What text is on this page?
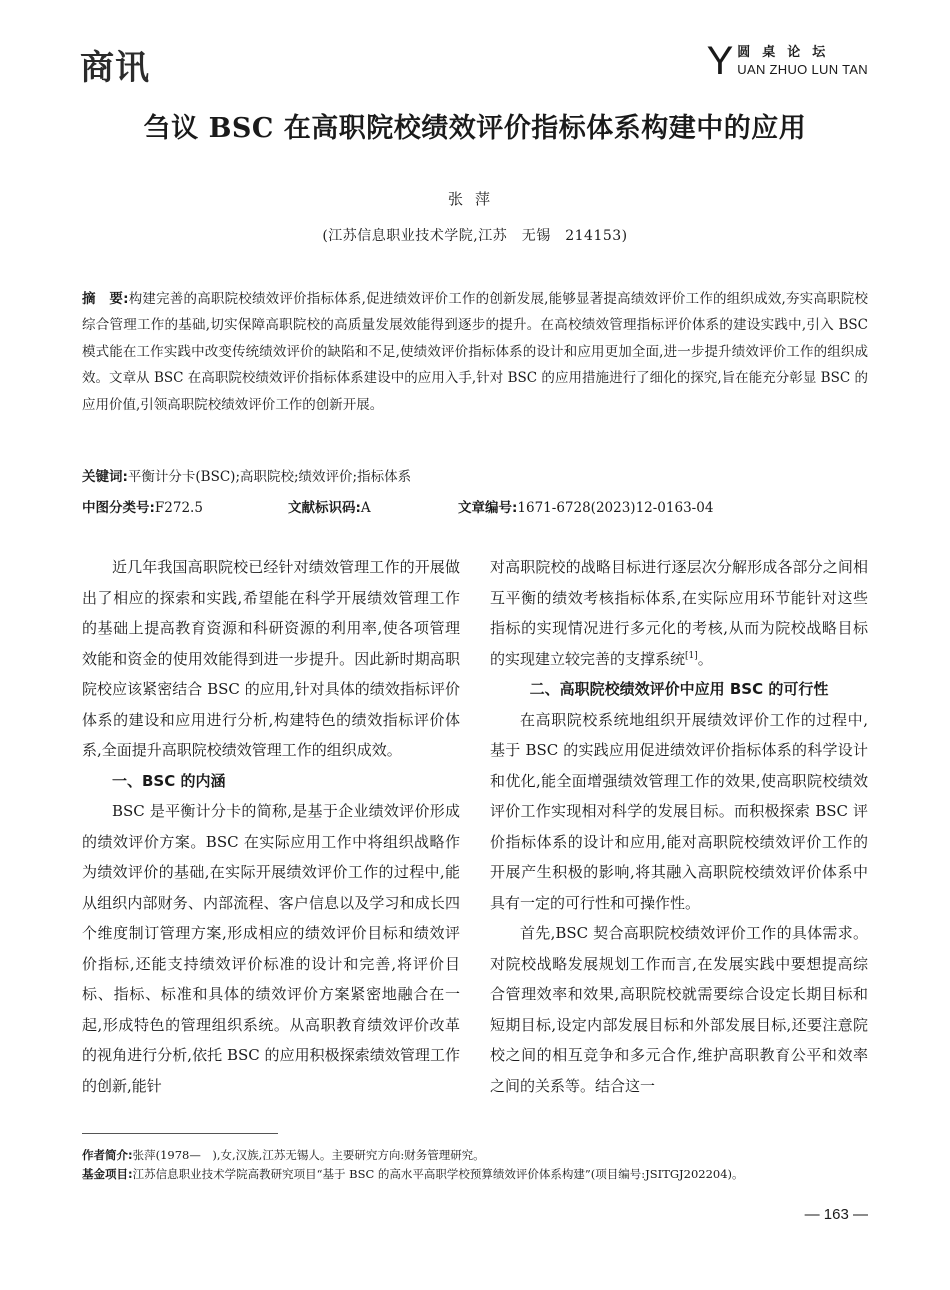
商讯	Y 圆桌论坛
UAN ZHUO LUN TAN
刍议 BSC 在高职院校绩效评价指标体系构建中的应用
张萍
(江苏信息职业技术学院,江苏　无锡　214153)
摘　要:构建完善的高职院校绩效评价指标体系,促进绩效评价工作的创新发展,能够显著提高绩效评价工作的组织成效,夯实高职院校综合管理工作的基础,切实保障高职院校的高质量发展效能得到逐步的提升。在高校绩效管理指标评价体系的建设实践中,引入 BSC 模式能在工作实践中改变传统绩效评价的缺陷和不足,使绩效评价指标体系的设计和应用更加全面,进一步提升绩效评价工作的组织成效。文章从 BSC 在高职院校绩效评价指标体系建设中的应用入手,针对 BSC 的应用措施进行了细化的探究,旨在能充分彰显 BSC 的应用价值,引领高职院校绩效评价工作的创新开展。
关键词:平衡计分卡(BSC);高职院校;绩效评价;指标体系
中图分类号:F272.5	文献标识码:A	文章编号:1671-6728(2023)12-0163-04

近几年我国高职院校已经针对绩效管理工作的开展做出了相应的探索和实践,希望能在科学开展绩效管理工作的基础上提高教育资源和科研资源的利用率,使各项管理效能和资金的使用效能得到进一步提升。因此新时期高职院校应该紧密结合 BSC 的应用,针对具体的绩效指标评价体系的建设和应用进行分析,构建特色的绩效指标评价体系,全面提升高职院校绩效管理工作的组织成效。

一、BSC 的内涵

BSC 是平衡计分卡的简称,是基于企业绩效评价形成的绩效评价方案。BSC 在实际应用工作中将组织战略作为绩效评价的基础,在实际开展绩效评价工作的过程中,能从组织内部财务、内部流程、客户信息以及学习和成长四个维度制订管理方案,形成相应的绩效评价目标和绩效评价指标,还能支持绩效评价标准的设计和完善,将评价目标、指标、标准和具体的绩效评价方案紧密地融合在一起,形成特色的管理组织系统。从高职教育绩效评价改革的视角进行分析,依托 BSC 的应用积极探索绩效管理工作的创新,能针

对高职院校的战略目标进行逐层次分解形成各部分之间相互平衡的绩效考核指标体系,在实际应用环节能针对这些指标的实现情况进行多元化的考核,从而为院校战略目标的实现建立较完善的支撑系统[1]。

二、高职院校绩效评价中应用 BSC 的可行性

在高职院校系统地组织开展绩效评价工作的过程中,基于 BSC 的实践应用促进绩效评价指标体系的科学设计和优化,能全面增强绩效管理工作的效果,使高职院校绩效评价工作实现相对科学的发展目标。而积极探索 BSC 评价指标体系的设计和应用,能对高职院校绩效评价工作的开展产生积极的影响,将其融入高职院校绩效评价体系中具有一定的可行性和可操作性。

首先,BSC 契合高职院校绩效评价工作的具体需求。对院校战略发展规划工作而言,在发展实践中要想提高综合管理效率和效果,高职院校就需要综合设定长期目标和短期目标,设定内部发展目标和外部发展目标,还要注意院校之间的相互竞争和多元合作,维护高职教育公平和效率之间的关系等。结合这一

作者简介:张萍(1978—　),女,汉族,江苏无锡人。主要研究方向:财务管理研究。
基金项目:江苏信息职业技术学院高教研究项目“基于 BSC 的高水平高职学校预算绩效评价体系构建”(项目编号:JSITGJ202204)。
— 163 —
